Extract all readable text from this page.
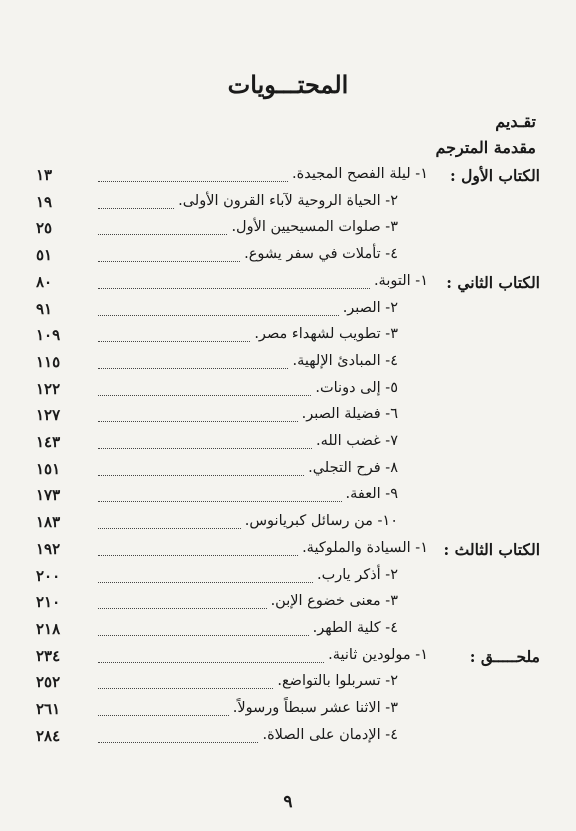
المحتـــويات
تقـديم
مقدمة المترجم
الكتاب الأول :
١- ليلة الفصح المجيدة.
١٣
٢- الحياة الروحية لآباء القرون الأولى.
١٩
٣- صلوات المسيحيين الأول.
٢٥
٤- تأملات في سفر يشوع.
٥١
الكتاب الثاني :
١- التوبة.
٨٠
٢- الصبر.
٩١
٣- تطويب لشهداء مصر.
١٠٩
٤- المبادئ الإلهية.
١١٥
٥- إلى دونات.
١٢٢
٦- فضيلة الصبر.
١٢٧
٧- غضب الله.
١٤٣
٨- فرح التجلي.
١٥١
٩- العفة.
١٧٣
١٠- من رسائل كبريانوس.
١٨٣
الكتاب الثالث :
١- السيادة والملوكية.
١٩٢
٢- أذكر يارب.
٢٠٠
٣- معنى خضوع الإبن.
٢١٠
٤- كلية الطهر.
٢١٨
ملحـــــق :
١- مولودين ثانية.
٢٣٤
٢- تسربلوا بالتواضع.
٢٥٢
٣- الاثنا عشر سبطاً ورسولاً.
٢٦١
٤- الإدمان على الصلاة.
٢٨٤
٩
